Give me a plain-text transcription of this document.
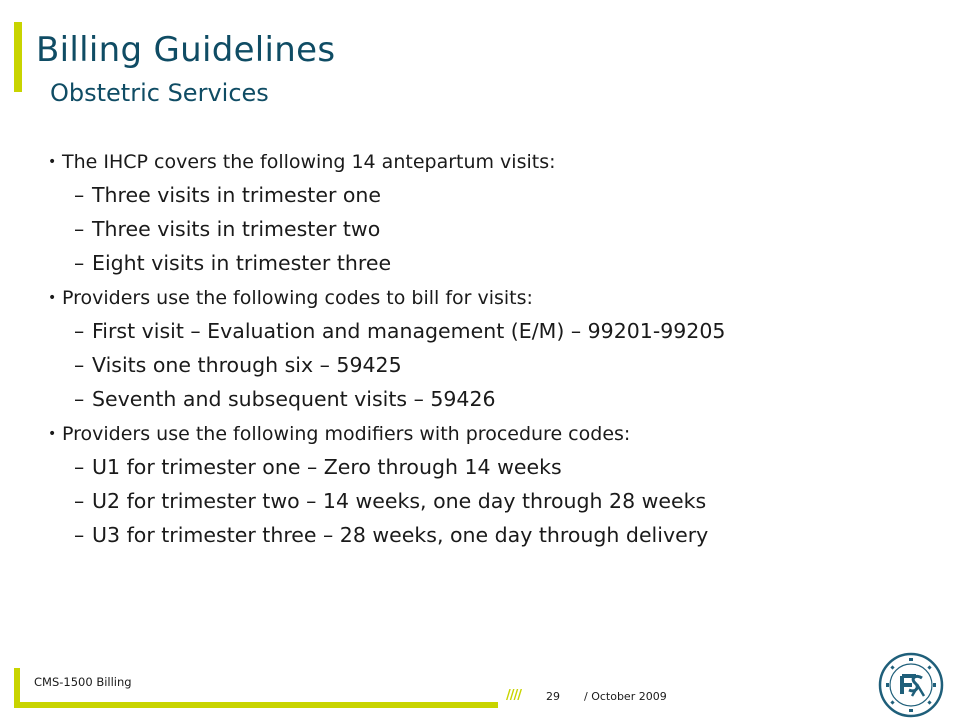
Billing Guidelines
Obstetric Services
• The IHCP covers the following 14 antepartum visits:
– Three visits in trimester one
– Three visits in trimester two
– Eight visits in trimester three
• Providers use the following codes to bill for visits:
– First visit – Evaluation and management (E/M) – 99201-99205
– Visits one through six – 59425
– Seventh and subsequent visits – 59426
• Providers use the following modifiers with procedure codes:
– U1 for trimester one – Zero through 14 weeks
– U2 for trimester two – 14 weeks, one day through 28 weeks
– U3 for trimester three – 28 weeks, one day through delivery
CMS-1500 Billing
//// 29 / October 2009
